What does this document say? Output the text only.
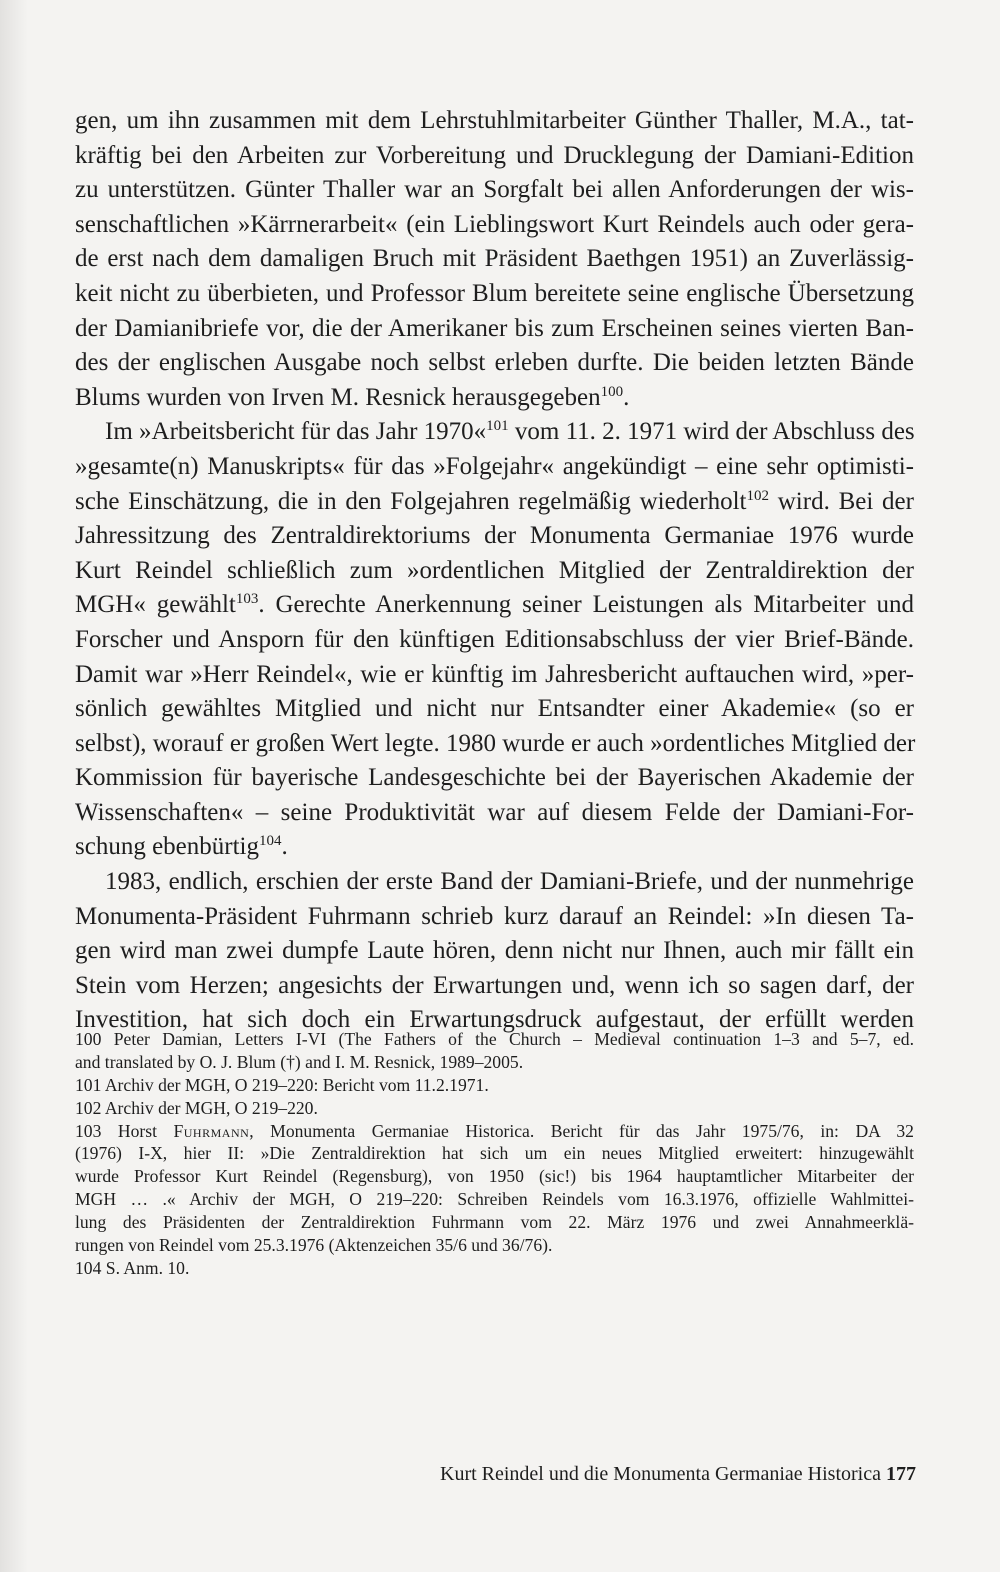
gen, um ihn zusammen mit dem Lehrstuhlmitarbeiter Günther Thaller, M.A., tat-
kräftig bei den Arbeiten zur Vorbereitung und Drucklegung der Damiani-Edition
zu unterstützen. Günter Thaller war an Sorgfalt bei allen Anforderungen der wis-
senschaftlichen »Kärrnerarbeit« (ein Lieblingswort Kurt Reindels auch oder gera-
de erst nach dem damaligen Bruch mit Präsident Baethgen 1951) an Zuverlässig-
keit nicht zu überbieten, und Professor Blum bereitete seine englische Übersetzung
der Damianibriefe vor, die der Amerikaner bis zum Erscheinen seines vierten Ban-
des der englischen Ausgabe noch selbst erleben durfte. Die beiden letzten Bände
Blums wurden von Irven M. Resnick herausgegeben$^{100}$.
Im »Arbeitsbericht für das Jahr 1970«$^{101}$ vom 11. 2. 1971 wird der Abschluss des
»gesamte(n) Manuskripts« für das »Folgejahr« angekündigt – eine sehr optimisti-
sche Einschätzung, die in den Folgejahren regelmäßig wiederholt$^{102}$ wird. Bei der
Jahressitzung des Zentraldirektoriums der Monumenta Germaniae 1976 wurde
Kurt Reindel schließlich zum »ordentlichen Mitglied der Zentraldirektion der
MGH« gewählt$^{103}$. Gerechte Anerkennung seiner Leistungen als Mitarbeiter und
Forscher und Ansporn für den künftigen Editionsabschluss der vier Brief-Bände.
Damit war »Herr Reindel«, wie er künftig im Jahresbericht auftauchen wird, »per-
sönlich gewähltes Mitglied und nicht nur Entsandter einer Akademie« (so er
selbst), worauf er großen Wert legte. 1980 wurde er auch »ordentliches Mitglied der
Kommission für bayerische Landesgeschichte bei der Bayerischen Akademie der
Wissenschaften« – seine Produktivität war auf diesem Felde der Damiani-For-
schung ebenbürtig$^{104}$.
1983, endlich, erschien der erste Band der Damiani-Briefe, und der nunmehrige
Monumenta-Präsident Fuhrmann schrieb kurz darauf an Reindel: »In diesen Ta-
gen wird man zwei dumpfe Laute hören, denn nicht nur Ihnen, auch mir fällt ein
Stein vom Herzen; angesichts der Erwartungen und, wenn ich so sagen darf, der
Investition, hat sich doch ein Erwartungsdruck aufgestaut, der erfüllt werden
100 Peter Damian, Letters I-VI (The Fathers of the Church – Medieval continuation 1–3 and 5–7, ed.
and translated by O. J. Blum (†) and I. M. Resnick, 1989–2005.
101 Archiv der MGH, O 219–220: Bericht vom 11.2.1971.
102 Archiv der MGH, O 219–220.
103 Horst Fuhrmann, Monumenta Germaniae Historica. Bericht für das Jahr 1975/76, in: DA 32
(1976) I-X, hier II: »Die Zentraldirektion hat sich um ein neues Mitglied erweitert: hinzugewählt
wurde Professor Kurt Reindel (Regensburg), von 1950 (sic!) bis 1964 hauptamtlicher Mitarbeiter der
MGH … .« Archiv der MGH, O 219–220: Schreiben Reindels vom 16.3.1976, offizielle Wahlmittei-
lung des Präsidenten der Zentraldirektion Fuhrmann vom 22. März 1976 und zwei Annahmeerklä-
rungen von Reindel vom 25.3.1976 (Aktenzeichen 35/6 und 36/76).
104 S. Anm. 10.
Kurt Reindel und die Monumenta Germaniae Historica 177
